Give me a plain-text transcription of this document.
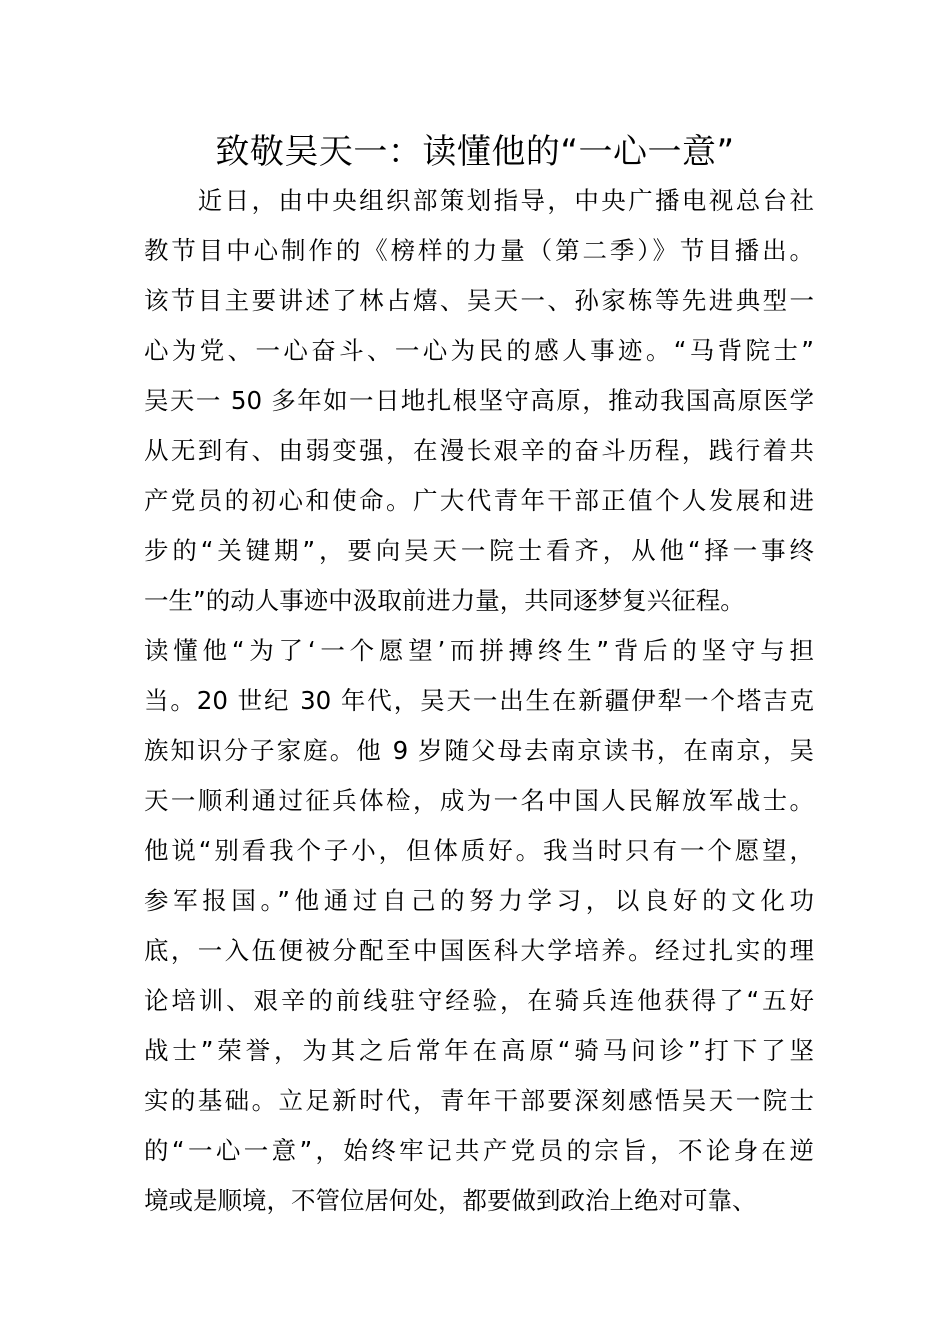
致敬吴天一：读懂他的“一心一意”
　　近日，由中央组织部策划指导，中央广播电视总台社
教节目中心制作的《榜样的力量（第二季）》节目播出。
该节目主要讲述了林占熺、吴天一、孙家栋等先进典型一
心为党、一心奋斗、一心为民的感人事迹。“马背院士”
吴天一 50 多年如一日地扎根坚守高原，推动我国高原医学
从无到有、由弱变强，在漫长艰辛的奋斗历程，践行着共
产党员的初心和使命。广大代青年干部正值个人发展和进
步的“关键期”，要向吴天一院士看齐，从他“择一事终
一生”的动人事迹中汲取前进力量，共同逐梦复兴征程。
读懂他“为了‘一个愿望’而拼搏终生”背后的坚守与担
当。20 世纪 30 年代，吴天一出生在新疆伊犁一个塔吉克
族知识分子家庭。他 9 岁随父母去南京读书，在南京，吴
天一顺利通过征兵体检，成为一名中国人民解放军战士。
他说“别看我个子小，但体质好。我当时只有一个愿望，
参军报国。”他通过自己的努力学习，以良好的文化功
底，一入伍便被分配至中国医科大学培养。经过扎实的理
论培训、艰辛的前线驻守经验，在骑兵连他获得了“五好
战士”荣誉，为其之后常年在高原“骑马问诊”打下了坚
实的基础。立足新时代，青年干部要深刻感悟吴天一院士
的“一心一意”，始终牢记共产党员的宗旨，不论身在逆
境或是顺境，不管位居何处，都要做到政治上绝对可靠、
